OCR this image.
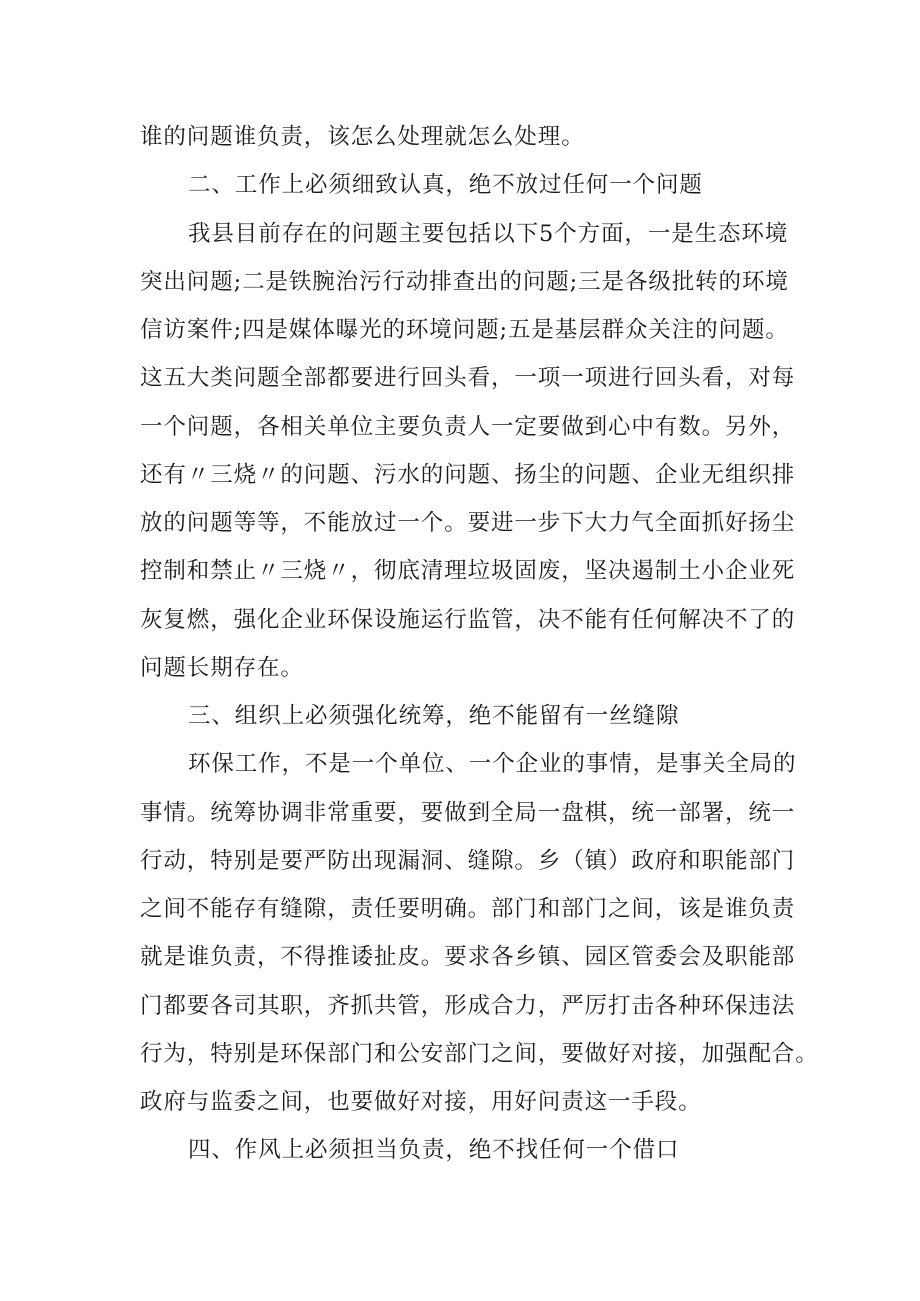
谁的问题谁负责，该怎么处理就怎么处理。
二、工作上必须细致认真，绝不放过任何一个问题
我县目前存在的问题主要包括以下5个方面，一是生态环境
突出问题;二是铁腕治污行动排查出的问题;三是各级批转的环境
信访案件;四是媒体曝光的环境问题;五是基层群众关注的问题。
这五大类问题全部都要进行回头看，一项一项进行回头看，对每
一个问题，各相关单位主要负责人一定要做到心中有数。另外，
还有〃三烧〃的问题、污水的问题、扬尘的问题、企业无组织排
放的问题等等，不能放过一个。要进一步下大力气全面抓好扬尘
控制和禁止〃三烧〃，彻底清理垃圾固废，坚决遏制土小企业死
灰复燃，强化企业环保设施运行监管，决不能有任何解决不了的
问题长期存在。
三、组织上必须强化统筹，绝不能留有一丝缝隙
环保工作，不是一个单位、一个企业的事情，是事关全局的
事情。统筹协调非常重要，要做到全局一盘棋，统一部署，统一
行动，特别是要严防出现漏洞、缝隙。乡（镇）政府和职能部门
之间不能存有缝隙，责任要明确。部门和部门之间，该是谁负责
就是谁负责，不得推诿扯皮。要求各乡镇、园区管委会及职能部
门都要各司其职，齐抓共管，形成合力，严厉打击各种环保违法
行为，特别是环保部门和公安部门之间，要做好对接，加强配合。
政府与监委之间，也要做好对接，用好问责这一手段。
四、作风上必须担当负责，绝不找任何一个借口
